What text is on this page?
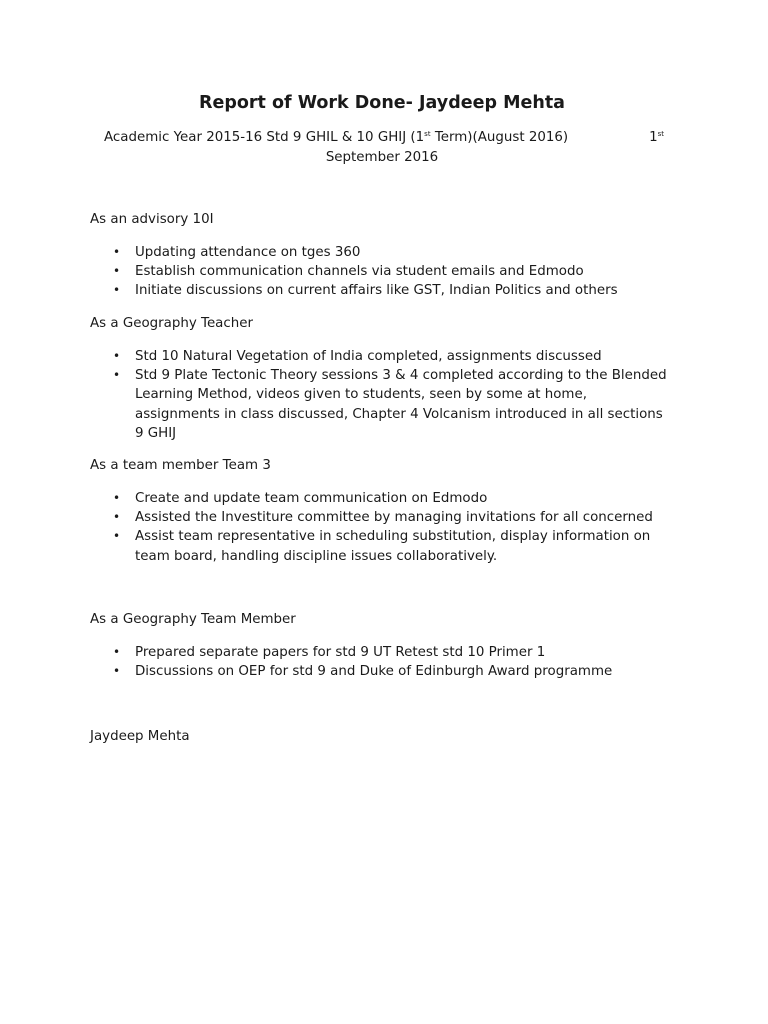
Report of Work Done- Jaydeep Mehta
Academic Year 2015-16 Std 9 GHIL & 10 GHIJ (1st Term)(August 2016)	1st
September 2016

As an advisory 10I

• Updating attendance on tges 360
• Establish communication channels via student emails and Edmodo
• Initiate discussions on current affairs like GST, Indian Politics and others

As a Geography Teacher

• Std 10 Natural Vegetation of India completed, assignments discussed
• Std 9 Plate Tectonic Theory sessions 3 & 4 completed according to the Blended Learning Method, videos given to students, seen by some at home, assignments in class discussed, Chapter 4 Volcanism introduced in all sections 9 GHIJ

As a team member Team 3

• Create and update team communication on Edmodo
• Assisted the Investiture committee by managing invitations for all concerned
• Assist team representative in scheduling substitution, display information on team board, handling discipline issues collaboratively.

As a Geography Team Member

• Prepared separate papers for std 9 UT Retest std 10 Primer 1
• Discussions on OEP for std 9 and Duke of Edinburgh Award programme
Jaydeep Mehta
